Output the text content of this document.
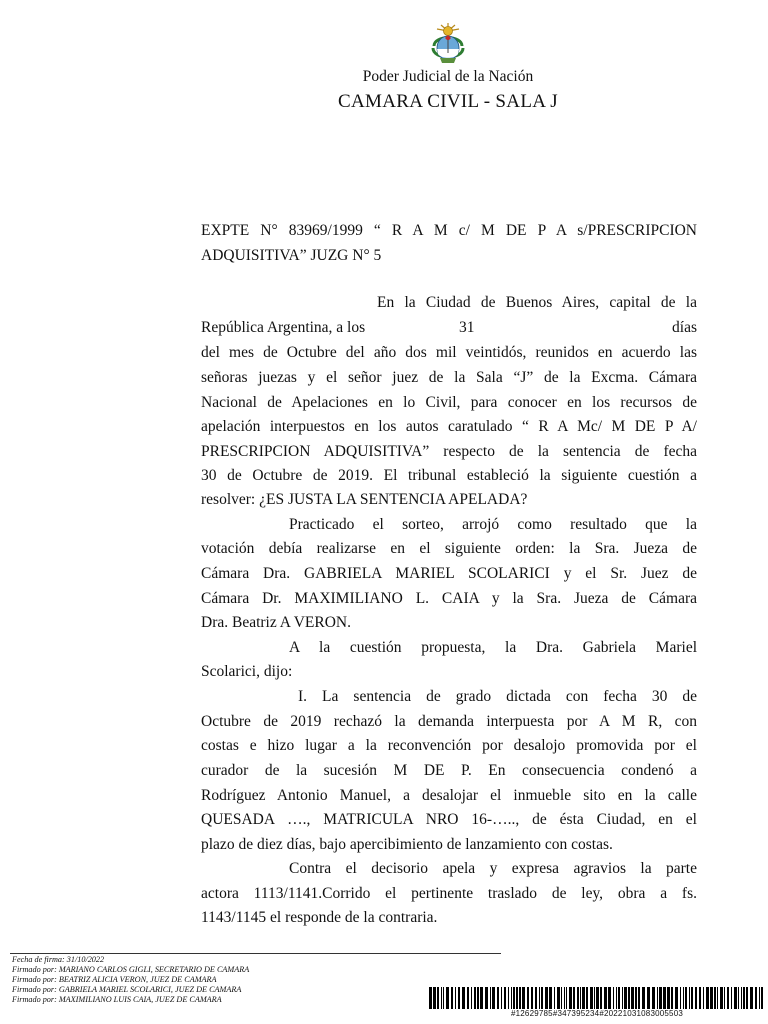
Poder Judicial de la Nación
CAMARA CIVIL - SALA J
EXPTE N° 83969/1999 “ R A M c/ M DE P A s/PRESCRIPCION ADQUISITIVA” JUZG N° 5
En la Ciudad de Buenos Aires, capital de la
República Argentina, a los	31	días
del mes de Octubre del año dos mil veintidós, reunidos en acuerdo las
señoras juezas y el señor juez de la Sala “J” de la Excma. Cámara
Nacional de Apelaciones en lo Civil, para conocer en los recursos de
apelación interpuestos en los autos caratulado “ R A Mc/ M DE P A/
PRESCRIPCION ADQUISITIVA” respecto de la sentencia de fecha
30 de Octubre de 2019. El tribunal estableció la siguiente cuestión a
resolver: ¿ES JUSTA LA SENTENCIA APELADA?
Practicado el sorteo, arrojó como resultado que la
votación debía realizarse en el siguiente orden: la Sra. Jueza de
Cámara Dra. GABRIELA MARIEL SCOLARICI y el Sr. Juez de
Cámara Dr. MAXIMILIANO L. CAIA y la Sra. Jueza de Cámara
Dra. Beatriz A VERON.
A la cuestión propuesta, la Dra. Gabriela Mariel
Scolarici, dijo:
I. La sentencia de grado dictada con fecha 30 de
Octubre de 2019 rechazó la demanda interpuesta por A M R, con
costas e hizo lugar a la reconvención por desalojo promovida por el
curador de la sucesión M DE P. En consecuencia condenó a
Rodríguez Antonio Manuel, a desalojar el inmueble sito en la calle
QUESADA …., MATRICULA NRO 16-….., de ésta Ciudad, en el
plazo de diez días, bajo apercibimiento de lanzamiento con costas.
Contra el decisorio apela y expresa agravios la parte
actora 1113/1141.Corrido el pertinente traslado de ley, obra a fs.
1143/1145 el responde de la contraria.
Fecha de firma: 31/10/2022
Firmado por: MARIANO CARLOS GIGLI, SECRETARIO DE CAMARA
Firmado por: BEATRIZ ALICIA VERON, JUEZ DE CAMARA
Firmado por: GABRIELA MARIEL SCOLARICI, JUEZ DE CAMARA
Firmado por: MAXIMILIANO LUIS CAIA, JUEZ DE CAMARA
#12629785#347395234#20221031083005503
